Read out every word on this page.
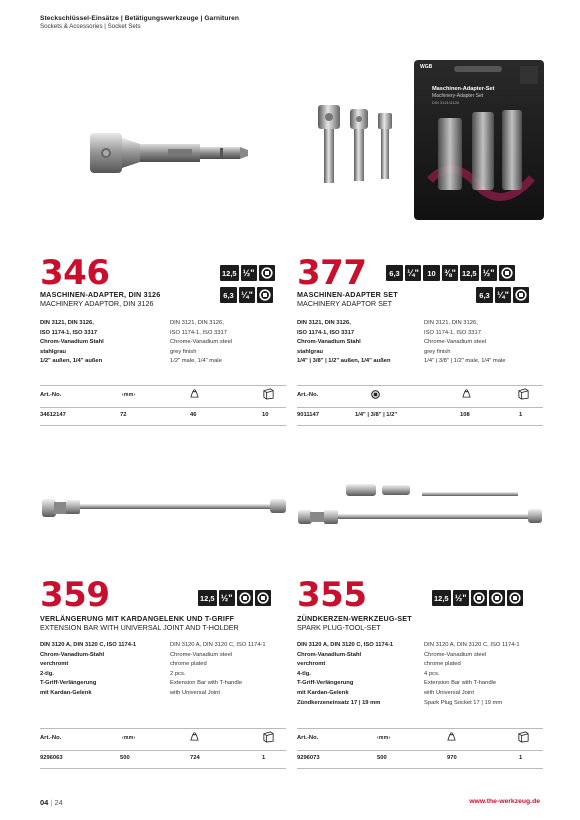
Steckschlüssel-Einsätze | Betätigungswerkzeuge | Garnituren
Sockets & Accessories | Socket Sets
WGB
Maschinen-Adapter-Set
Machinery-Adapter Set
DIN 3121/3126
346
MASCHINEN-ADAPTER, DIN 3126
MACHINERY ADAPTOR, DIN 3126
12,5 ½"
6,3 ¼"
DIN 3121, DIN 3126,
ISO 1174-1, ISO 3317
Chrom-Vanadium Stahl
stahlgrau
1/2" außen, 1/4" außen
DIN 3121, DIN 3126,
ISO 1174-1, ISO 3317
Chrome-Vanadium steel
grey finish
1/2" male, 1/4" male
Art.-No.	‹mm›
34612147	72	46	10
377
MASCHINEN-ADAPTER SET
MACHINERY ADAPTOR SET
6,3 ¼"	10 ⅜" 12,5 ½"
6,3 ¼"
DIN 3121, DIN 3126,
ISO 1174-1, ISO 3317
Chrom-Vanadium Stahl
stahlgrau
1/4" | 3/8" | 1/2" außen, 1/4" außen
DIN 3121, DIN 3126,
ISO 1174-1, ISO 3317
Chrome-Vanadium steel
grey finish
1/4" | 3/8" | 1/2" male, 1/4" male
Art.-No.
9011147	1/4" | 3/8" | 1/2"	108	1
359
VERLÄNGERUNG MIT KARDANGELENK UND T-GRIFF
EXTENSION BAR WITH UNIVERSAL JOINT AND T-HOLDER
12,5 ½"
DIN 3120 A, DIN 3120 C, ISO 1174-1
Chrom-Vanadium-Stahl
verchromt
2-tlg.
T-Griff-Verlängerung
mit Kardan-Gelenk
DIN 3120 A, DIN 3120 C, ISO 1174-1
Chrome-Vanadium steel
chrome plated
2 pcs.
Extension Bar with T-handle
with Universal Joint
Art.-No.	‹mm›
9296063	500	724	1
355
ZÜNDKERZEN-WERKZEUG-SET
SPARK PLUG-TOOL-SET
12,5 ½"
DIN 3120 A, DIN 3120 C, ISO 1174-1
Chrom-Vanadium-Stahl
verchromt
4-tlg.
T-Griff-Verlängerung
mit Kardan-Gelenk
Zündkerzeneinsatz 17 | 19 mm
DIN 3120 A, DIN 3120 C, ISO 1174-1
Chrome-Vanadium steel
chrome plated
4 pcs.
Extension Bar with T-handle
with Universal Joint
Spark Plug Socket 17 | 19 mm
Art.-No.	‹mm›
9296073	500	970	1
04 | 24	www.the-werkzeug.de
